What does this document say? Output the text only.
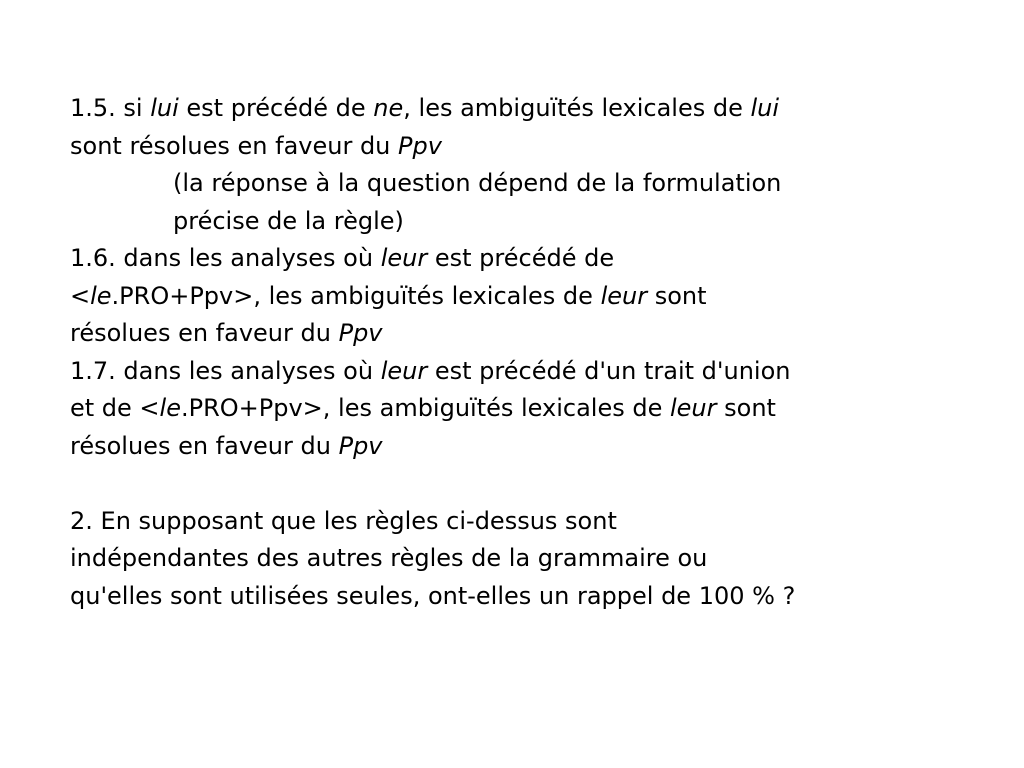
1.5. si lui est précédé de ne, les ambiguïtés lexicales de lui
sont résolues en faveur du Ppv
(la réponse à la question dépend de la formulation
précise de la règle)
1.6. dans les analyses où leur est précédé de
<le.PRO+Ppv>, les ambiguïtés lexicales de leur sont
résolues en faveur du Ppv
1.7. dans les analyses où leur est précédé d'un trait d'union
et de <le.PRO+Ppv>, les ambiguïtés lexicales de leur sont
résolues en faveur du Ppv
2. En supposant que les règles ci-dessus sont
indépendantes des autres règles de la grammaire ou
qu'elles sont utilisées seules, ont-elles un rappel de 100 % ?
